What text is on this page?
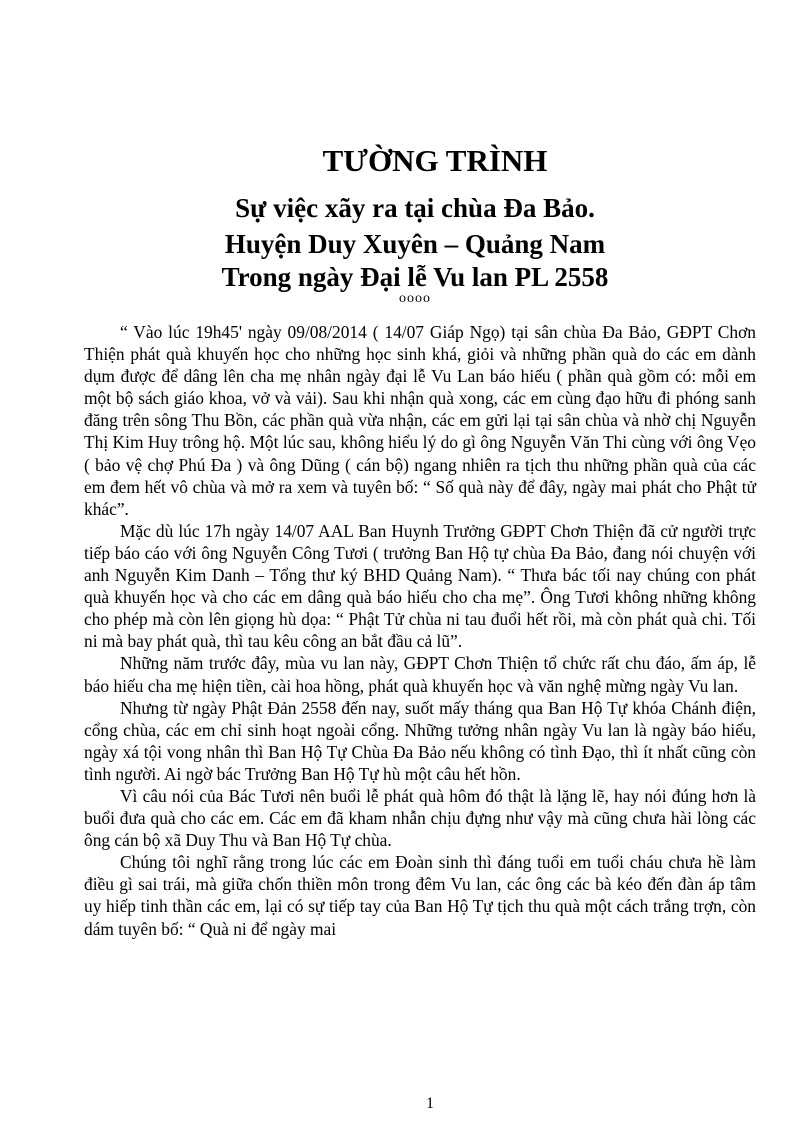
TƯỜNG TRÌNH
Sự việc xãy ra tại chùa Đa Bảo.
Huyện Duy Xuyên – Quảng Nam
Trong ngày Đại lễ Vu lan PL 2558
oooo

“ Vào lúc 19h45' ngày 09/08/2014 ( 14/07 Giáp Ngọ) tại sân chùa Đa Bảo, GĐPT Chơn Thiện phát quà khuyến học cho những học sinh khá, giỏi và những phần quà do các em dành dụm được để dâng lên cha mẹ nhân ngày đại lễ Vu Lan báo hiếu ( phần quà gồm có: mỗi em một bộ sách giáo khoa, vở và vải). Sau khi nhận quà xong, các em cùng đạo hữu đi phóng sanh đăng trên sông Thu Bồn, các phần quà vừa nhận, các em gửi lại tại sân chùa và nhờ chị Nguyễn Thị Kim Huy trông hộ. Một lúc sau, không hiểu lý do gì ông Nguyễn Văn Thi cùng với ông Vẹo ( bảo vệ chợ Phú Đa ) và ông Dũng ( cán bộ) ngang nhiên ra tịch thu những phần quà của các em đem hết vô chùa và mở ra xem và tuyên bố: “ Số quà này để đây, ngày mai phát cho Phật tử khác”.

Mặc dù lúc 17h ngày 14/07 AAL Ban Huynh Trưởng GĐPT Chơn Thiện đã cử người trực tiếp báo cáo với ông Nguyễn Công Tươi ( trưởng Ban Hộ tự chùa Đa Bảo, đang nói chuyện với anh Nguyễn Kim Danh – Tổng thư ký BHD Quảng Nam). “ Thưa bác tối nay chúng con phát quà khuyến học và cho các em dâng quà báo hiếu cho cha mẹ”. Ông Tươi không những không cho phép mà còn lên giọng hù dọa: “ Phật Tử chùa ni tau đuổi hết rồi, mà còn phát quà chi. Tối ni mà bay phát quà, thì tau kêu công an bắt đầu cả lũ”.

Những năm trước đây, mùa vu lan này, GĐPT Chơn Thiện tổ chức rất chu đáo, ấm áp, lễ báo hiếu cha mẹ hiện tiền, cài hoa hồng, phát quà khuyến học và văn nghệ mừng ngày Vu lan.

Nhưng từ ngày Phật Đản 2558 đến nay, suốt mấy tháng qua Ban Hộ Tự khóa Chánh điện, cổng chùa, các em chỉ sinh hoạt ngoài cổng. Những tưởng nhân ngày Vu lan là ngày báo hiếu, ngày xá tội vong nhân thì Ban Hộ Tự Chùa Đa Bảo nếu không có tình Đạo, thì ít nhất cũng còn tình người. Ai ngờ bác Trưởng Ban Hộ Tự hù một câu hết hồn.

Vì câu nói của Bác Tươi nên buổi lễ phát quà hôm đó thật là lặng lẽ, hay nói đúng hơn là buổi đưa quà cho các em. Các em đã kham nhẫn chịu đựng như vậy mà cũng chưa hài lòng các ông cán bộ xã Duy Thu và Ban Hộ Tự chùa.

Chúng tôi nghĩ rằng trong lúc các em Đoàn sinh thì đáng tuổi em tuổi cháu chưa hề làm điều gì sai trái, mà giữa chốn thiền môn trong đêm Vu lan, các ông các bà kéo đến đàn áp tâm uy hiếp tinh thần các em, lại có sự tiếp tay của Ban Hộ Tự tịch thu quà một cách trắng trợn, còn dám tuyên bố: “ Quà ni để ngày mai

1
